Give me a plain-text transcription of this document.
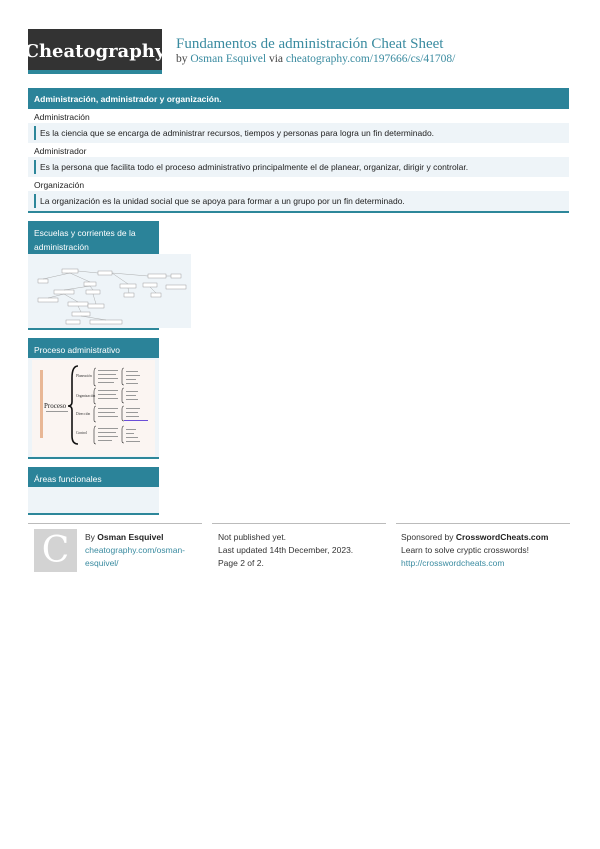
Cheatography Fundamentos de administración Cheat Sheet
by Osman Esquivel via cheatography.com/197666/cs/41708/
Administración, administrador y organización.
Administración
Es la ciencia que se encarga de administrar recursos, tiempos y personas para logra un fin determinado.
Administrador
Es la persona que facilita todo el proceso administrativo principalmente el de planear, organizar, dirigir y controlar.
Organización
La organización es la unidad social que se apoya para formar a un grupo por un fin determinado.
Escuelas y corrientes de la administración
Proceso administrativo
Proceso
Planeación
Organización
Dirección
Control
Áreas funcionales
C By Osman Esquivel
cheatography.com/osman-
esquivel/
Not published yet.
Last updated 14th December, 2023.
Page 2 of 2.
Sponsored by CrosswordCheats.com
Learn to solve cryptic crosswords!
http://crosswordcheats.com
